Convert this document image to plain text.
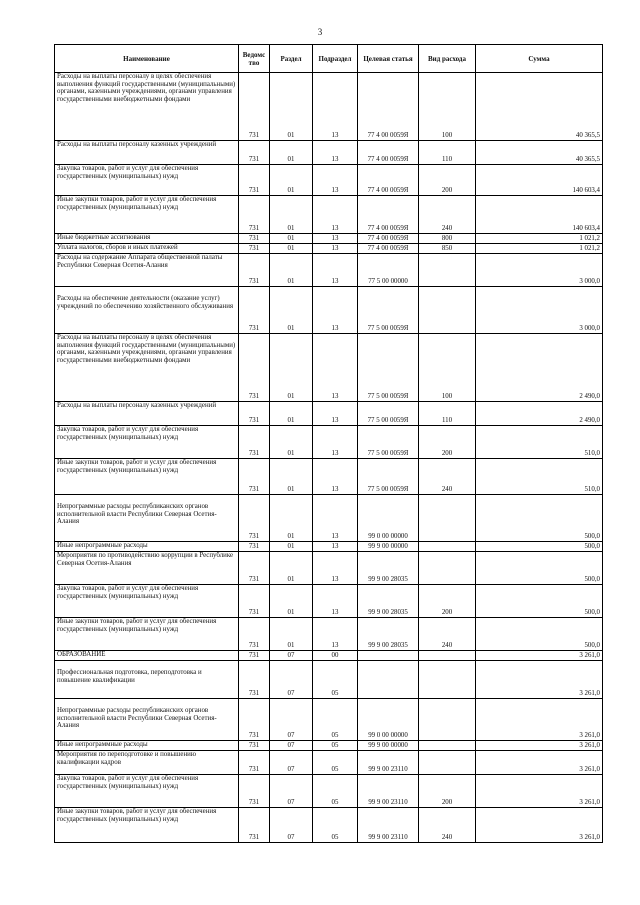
3
Наименование	Ведомс тво	Раздел	Подраздел	Целевая статья	Вид расхода	Сумма
Расходы на выплаты персоналу в целях обеспечения выполнения функций государственными (муниципальными) органами, казенными учреждениями, органами управления государственными внебюджетными фондами	731	01	13	77 4 00 0059Я	100	40 365,5
Расходы на выплаты персоналу казенных учреждений	731	01	13	77 4 00 0059Я	110	40 365,5
Закупка товаров, работ и услуг для обеспечения государственных (муниципальных) нужд	731	01	13	77 4 00 0059Я	200	140 603,4
Иные закупки товаров, работ и услуг для обеспечения государственных (муниципальных) нужд	731	01	13	77 4 00 0059Я	240	140 603,4
Иные бюджетные ассигнования	731	01	13	77 4 00 0059Я	800	1 021,2
Уплата налогов, сборов и иных платежей	731	01	13	77 4 00 0059Я	850	1 021,2
Расходы на содержание Аппарата общественной палаты Республики Северная Осетия-Алания	731	01	13	77 5 00 00000		3 000,0
Расходы на обеспечение деятельности (оказание услуг) учреждений по обеспечению хозяйственного обслуживания	731	01	13	77 5 00 0059Я		3 000,0
Расходы на выплаты персоналу в целях обеспечения выполнения функций государственными (муниципальными) органами, казенными учреждениями, органами управления государственными внебюджетными фондами	731	01	13	77 5 00 0059Я	100	2 490,0
Расходы на выплаты персоналу казенных учреждений	731	01	13	77 5 00 0059Я	110	2 490,0
Закупка товаров, работ и услуг для обеспечения государственных (муниципальных) нужд	731	01	13	77 5 00 0059Я	200	510,0
Иные закупки товаров, работ и услуг для обеспечения государственных (муниципальных) нужд	731	01	13	77 5 00 0059Я	240	510,0
Непрограммные расходы республиканских органов исполнительной власти Республики Северная Осетия-Алания	731	01	13	99 0 00 00000		500,0
Иные непрограммные расходы	731	01	13	99 9 00 00000		500,0
Мероприятия по противодействию коррупции в Республике Северная Осетия-Алания	731	01	13	99 9 00 28035		500,0
Закупка товаров, работ и услуг для обеспечения государственных (муниципальных) нужд	731	01	13	99 9 00 28035	200	500,0
Иные закупки товаров, работ и услуг для обеспечения государственных (муниципальных) нужд	731	01	13	99 9 00 28035	240	500,0
ОБРАЗОВАНИЕ	731	07	00			3 261,0
Профессиональная подготовка, переподготовка и повышение квалификации	731	07	05			3 261,0
Непрограммные расходы республиканских органов исполнительной власти Республики Северная Осетия-Алания	731	07	05	99 0 00 00000		3 261,0
Иные непрограммные расходы	731	07	05	99 9 00 00000		3 261,0
Мероприятия по переподготовке и повышению квалификации кадров	731	07	05	99 9 00 23110		3 261,0
Закупка товаров, работ и услуг для обеспечения государственных (муниципальных) нужд	731	07	05	99 9 00 23110	200	3 261,0
Иные закупки товаров, работ и услуг для обеспечения государственных (муниципальных) нужд	731	07	05	99 9 00 23110	240	3 261,0
